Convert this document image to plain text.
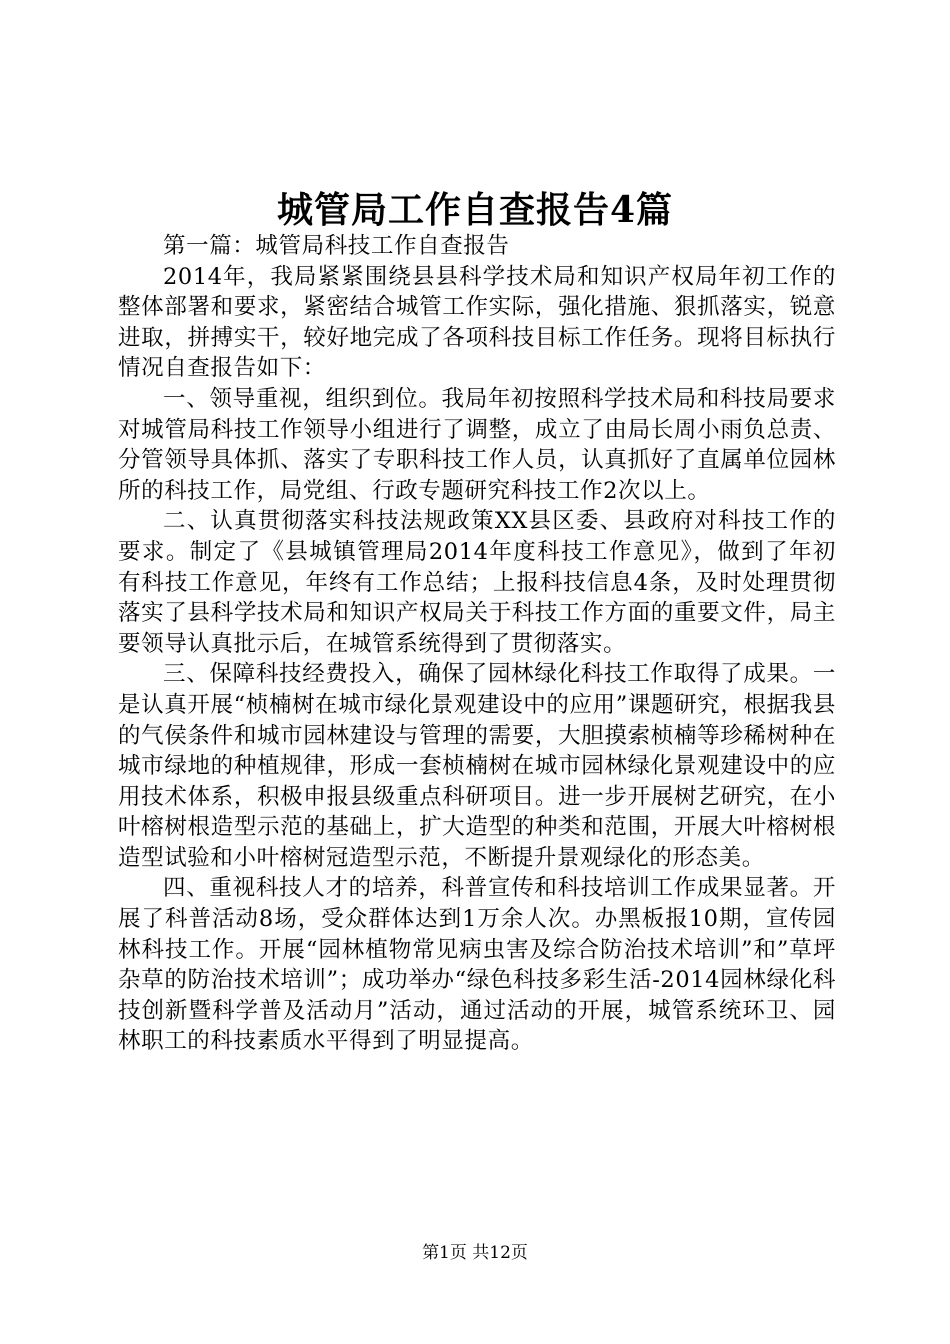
城管局工作自查报告4篇

第一篇：城管局科技工作自查报告

2014年，我局紧紧围绕县县科学技术局和知识产权局年初工作的整体部署和要求，紧密结合城管工作实际，强化措施、狠抓落实，锐意进取，拼搏实干，较好地完成了各项科技目标工作任务。现将目标执行情况自查报告如下：

一、领导重视，组织到位。我局年初按照科学技术局和科技局要求对城管局科技工作领导小组进行了调整，成立了由局长周小雨负总责、分管领导具体抓、落实了专职科技工作人员，认真抓好了直属单位园林所的科技工作，局党组、行政专题研究科技工作2次以上。

二、认真贯彻落实科技法规政策XX县区委、县政府对科技工作的要求。制定了《县城镇管理局2014年度科技工作意见》，做到了年初有科技工作意见，年终有工作总结；上报科技信息4条，及时处理贯彻落实了县科学技术局和知识产权局关于科技工作方面的重要文件，局主要领导认真批示后，在城管系统得到了贯彻落实。

三、保障科技经费投入，确保了园林绿化科技工作取得了成果。一是认真开展“桢楠树在城市绿化景观建设中的应用”课题研究，根据我县的气侯条件和城市园林建设与管理的需要，大胆摸索桢楠等珍稀树种在城市绿地的种植规律，形成一套桢楠树在城市园林绿化景观建设中的应用技术体系，积极申报县级重点科研项目。进一步开展树艺研究，在小叶榕树根造型示范的基础上，扩大造型的种类和范围，开展大叶榕树根造型试验和小叶榕树冠造型示范，不断提升景观绿化的形态美。

四、重视科技人才的培养，科普宣传和科技培训工作成果显著。开展了科普活动8场，受众群体达到1万余人次。办黑板报10期，宣传园林科技工作。开展“园林植物常见病虫害及综合防治技术培训”和”草坪杂草的防治技术培训”；成功举办“绿色科技多彩生活-2014园林绿化科技创新暨科学普及活动月”活动，通过活动的开展，城管系统环卫、园林职工的科技素质水平得到了明显提高。

第1页 共12页
